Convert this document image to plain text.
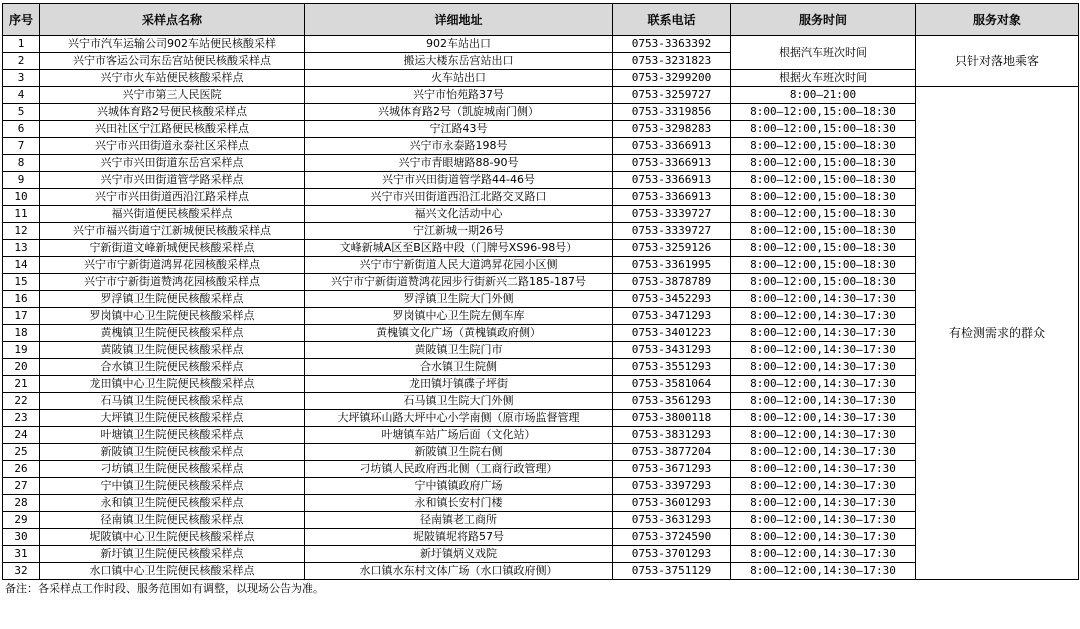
序号	采样点名称	详细地址	联系电话	服务时间	服务对象
1	兴宁市汽车运输公司902车站便民核酸采样	902车站出口	0753-3363392	根据汽车班次时间	只针对落地乘客
2	兴宁市客运公司东岳宫站便民核酸采样点	搬运大楼东岳宫站出口	0753-3231823		
3	兴宁市火车站便民核酸采样点	火车站出口	0753-3299200	根据火车班次时间	
4	兴宁市第三人民医院	兴宁市怡苑路37号	0753-3259727	8:00—21:00	有检测需求的群众
5	兴城体育路2号便民核酸采样点	兴城体育路2号（凯旋城南门侧）	0753-3319856	8:00—12:00,15:00—18:30	
6	兴田社区宁江路便民核酸采样点	宁江路43号	0753-3298283	8:00—12:00,15:00—18:30	
7	兴宁市兴田街道永泰社区采样点	兴宁市永泰路198号	0753-3366913	8:00—12:00,15:00—18:30	
8	兴宁市兴田街道东岳宫采样点	兴宁市青眼塘路88-90号	0753-3366913	8:00—12:00,15:00—18:30	
9	兴宁市兴田街道管学路采样点	兴宁市兴田街道管学路44-46号	0753-3366913	8:00—12:00,15:00—18:30	
10	兴宁市兴田街道西沿江路采样点	兴宁市兴田街道西沿江北路交叉路口	0753-3366913	8:00—12:00,15:00—18:30	
11	福兴街道便民核酸采样点	福兴文化活动中心	0753-3339727	8:00—12:00,15:00—18:30	
12	兴宁市福兴街道宁江新城便民核酸采样点	宁江新城一期26号	0753-3339727	8:00—12:00,15:00—18:30	
13	宁新街道文峰新城便民核酸采样点	文峰新城A区至B区路中段（门牌号XS96-98号）	0753-3259126	8:00—12:00,15:00—18:30	
14	兴宁市宁新街道鸿昇花园核酸采样点	兴宁市宁新街道人民大道鸿昇花园小区侧	0753-3361995	8:00—12:00,15:00—18:30	
15	兴宁市宁新街道赞鸿花园核酸采样点	兴宁市宁新街道赞鸿花园步行街新兴二路185-187号	0753-3878789	8:00—12:00,15:00—18:30	
16	罗浮镇卫生院便民核酸采样点	罗浮镇卫生院大门外侧	0753-3452293	8:00—12:00,14:30—17:30	
17	罗岗镇中心卫生院便民核酸采样点	罗岗镇中心卫生院左侧车库	0753-3471293	8:00—12:00,14:30—17:30	
18	黄槐镇卫生院便民核酸采样点	黄槐镇文化广场（黄槐镇政府侧）	0753-3401223	8:00—12:00,14:30—17:30	
19	黄陂镇卫生院便民核酸采样点	黄陂镇卫生院门市	0753-3431293	8:00—12:00,14:30—17:30	
20	合水镇卫生院便民核酸采样点	合水镇卫生院侧	0753-3551293	8:00—12:00,14:30—17:30	
21	龙田镇中心卫生院便民核酸采样点	龙田镇圩镇碟子坪街	0753-3581064	8:00—12:00,14:30—17:30	
22	石马镇卫生院便民核酸采样点	石马镇卫生院大门外侧	0753-3561293	8:00—12:00,14:30—17:30	
23	大坪镇卫生院便民核酸采样点	大坪镇环山路大坪中心小学南侧（原市场监督管理	0753-3800118	8:00—12:00,14:30—17:30	
24	叶塘镇卫生院便民核酸采样点	叶塘镇车站广场后面（文化站）	0753-3831293	8:00—12:00,14:30—17:30	
25	新陂镇卫生院便民核酸采样点	新陂镇卫生院右侧	0753-3877204	8:00—12:00,14:30—17:30	
26	刁坊镇卫生院便民核酸采样点	刁坊镇人民政府西北侧（工商行政管理）	0753-3671293	8:00—12:00,14:30—17:30	
27	宁中镇卫生院便民核酸采样点	宁中镇镇政府广场	0753-3397293	8:00—12:00,14:30—17:30	
28	永和镇卫生院便民核酸采样点	永和镇长安村门楼	0753-3601293	8:00—12:00,14:30—17:30	
29	径南镇卫生院便民核酸采样点	径南镇老工商所	0753-3631293	8:00—12:00,14:30—17:30	
30	坭陂镇中心卫生院便民核酸采样点	坭陂镇坭将路57号	0753-3724590	8:00—12:00,14:30—17:30	
31	新圩镇卫生院便民核酸采样点	新圩镇炳义戏院	0753-3701293	8:00—12:00,14:30—17:30	
32	水口镇中心卫生院便民核酸采样点	水口镇水东村文体广场（水口镇政府侧）	0753-3751129	8:00—12:00,14:30—17:30	
备注：各采样点工作时段、服务范围如有调整，以现场公告为准。
